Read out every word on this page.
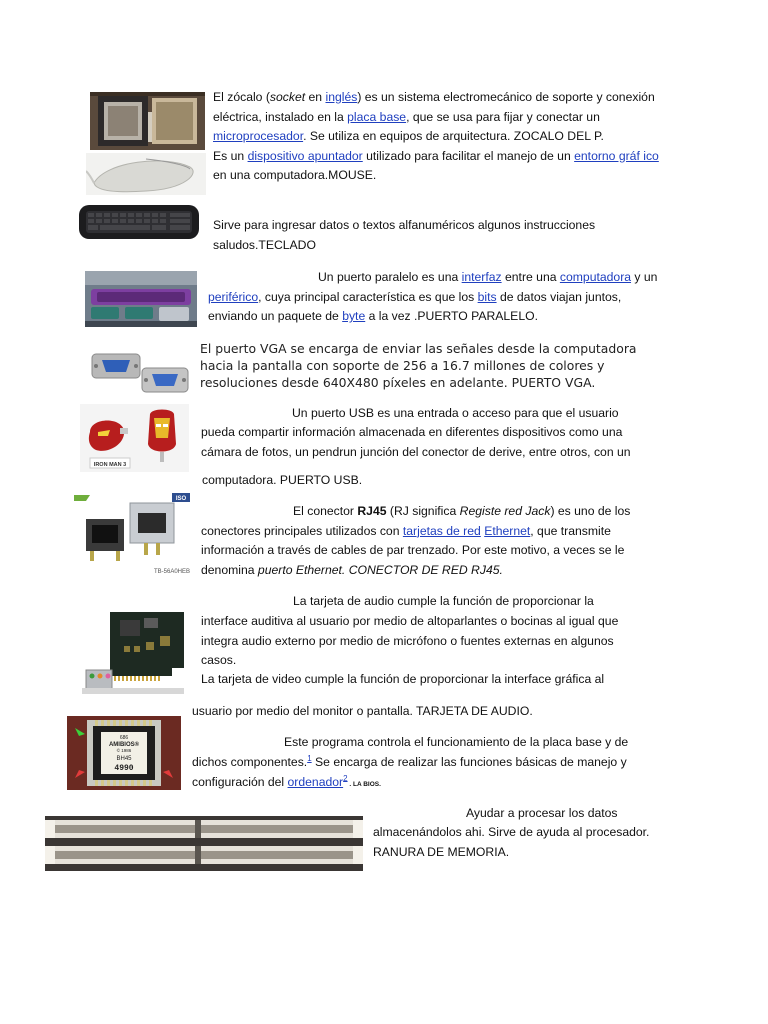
IRON MAN 3
ISO
TB-56A0HEB
686
AMIBIOS®
© 1986
BH45
4990
El zócalo (socket en inglés) es un sistema electromecánico de soporte y conexión eléctrica, instalado en la placa base, que se usa para fijar y conectar un microprocesador. Se utiliza en equipos de arquitectura. ZOCALO DEL P.
Es un dispositivo apuntador utilizado para facilitar el manejo de un entorno gráf ico en una computadora.MOUSE.
Sirve para ingresar datos o textos alfanuméricos algunos instrucciones saludos.TECLADO
Un puerto paralelo es una interfaz entre una computadora y un periférico, cuya principal característica es que los bits de datos viajan juntos, enviando un paquete de byte a la vez .PUERTO PARALELO.
El puerto VGA se encarga de enviar las señales desde la computadora hacia la pantalla con soporte de 256 a 16.7 millones de colores y resoluciones desde 640X480 píxeles en adelante. PUERTO VGA.
Un puerto USB es una entrada o acceso para que el usuario
pueda compartir información almacenada en diferentes dispositivos como una cámara de fotos, un pendrun junción del conector de derive, entre otros, con un
computadora. PUERTO USB.
El conector RJ45 (RJ significa Registe red Jack) es uno de los conectores principales utilizados con tarjetas de red Ethernet, que transmite información a través de cables de par trenzado. Por este motivo, a veces se le denomina puerto Ethernet. CONECTOR DE RED RJ45.
La tarjeta de audio cumple la función de proporcionar la
interface auditiva al usuario por medio de altoparlantes o bocinas al igual que integra audio externo por medio de micrófono o fuentes externas en algunos casos.
La tarjeta de video cumple la función de proporcionar la interface gráfica al
usuario por medio del monitor o pantalla. TARJETA DE AUDIO.
Este programa controla el funcionamiento de la placa base y de
dichos componentes.$^1$ Se encarga de realizar las funciones básicas de manejo y configuración del ordenador$^2$ . LA BIOS.
Ayudar a procesar los datos
almacenándolos ahi. Sirve de ayuda al procesador. RANURA DE MEMORIA.
